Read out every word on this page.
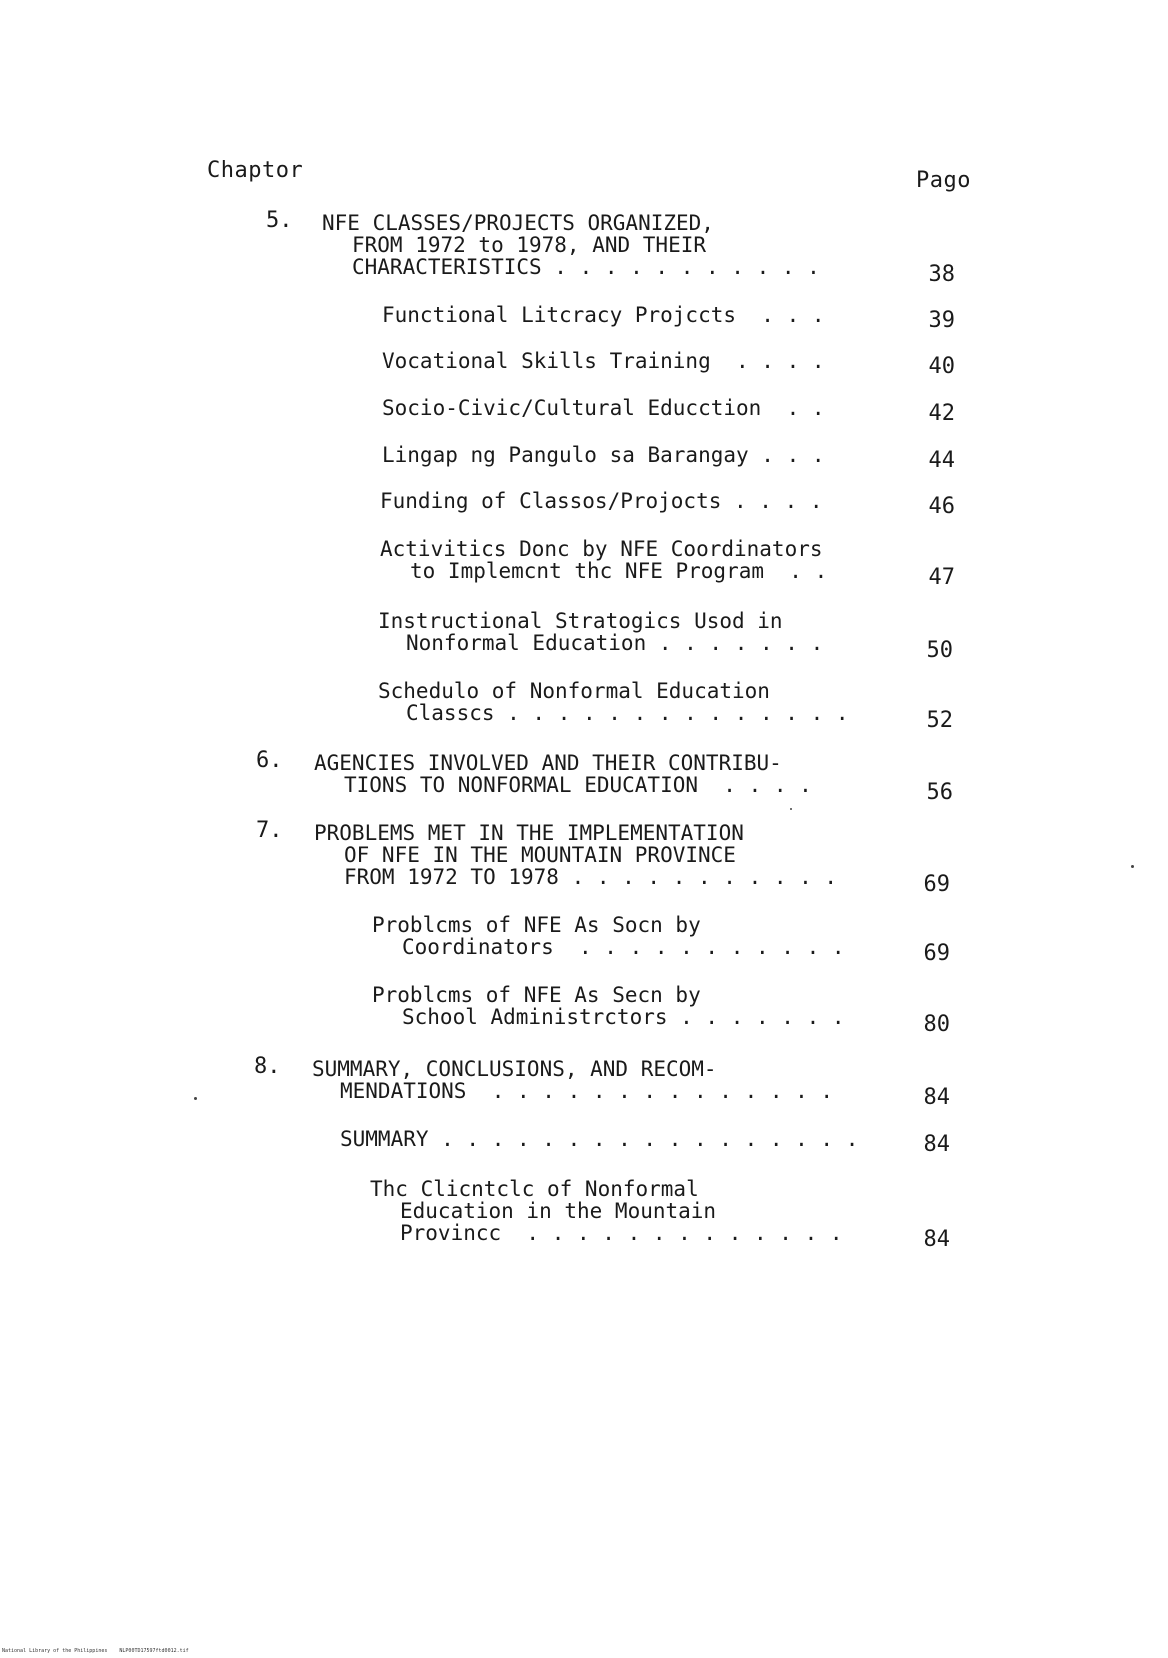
Chaptor	Pago
5. NFE CLASSES/PROJECTS ORGANIZED,
FROM 1972 to 1978, AND THEIR
CHARACTERISTICS . . . . . . . . . . .	38
Functional Litcracy Projccts  . . .	39
Vocational Skills Training  . . . .	40
Socio-Civic/Cultural Educction  . .	42
Lingap ng Pangulo sa Barangay . . .	44
Funding of Classos/Projocts . . . .	46
Activitics Donc by NFE Coordinators
to Implemcnt thc NFE Program  . .	47
Instructional Stratogics Usod in
Nonformal Education . . . . . . .	50
Schedulo of Nonformal Education
Classcs . . . . . . . . . . . . . .	52
6. AGENCIES INVOLVED AND THEIR CONTRIBU-
TIONS TO NONFORMAL EDUCATION  . . . .	56
7. PROBLEMS MET IN THE IMPLEMENTATION
OF NFE IN THE MOUNTAIN PROVINCE
FROM 1972 TO 1978 . . . . . . . . . . .	69
Problcms of NFE As Socn by
Coordinators  . . . . . . . . . . .	69
Problcms of NFE As Secn by
School Administrctors . . . . . . .	80
8. SUMMARY, CONCLUSIONS, AND RECOM-
MENDATIONS  . . . . . . . . . . . . . .	84
SUMMARY . . . . . . . . . . . . . . . . .	84
Thc Clicntclc of Nonformal
Education in the Mountain
Provincc  . . . . . . . . . . . . .	84
National Library of the Philippines    NLP00TD17597ftd0012.tif
